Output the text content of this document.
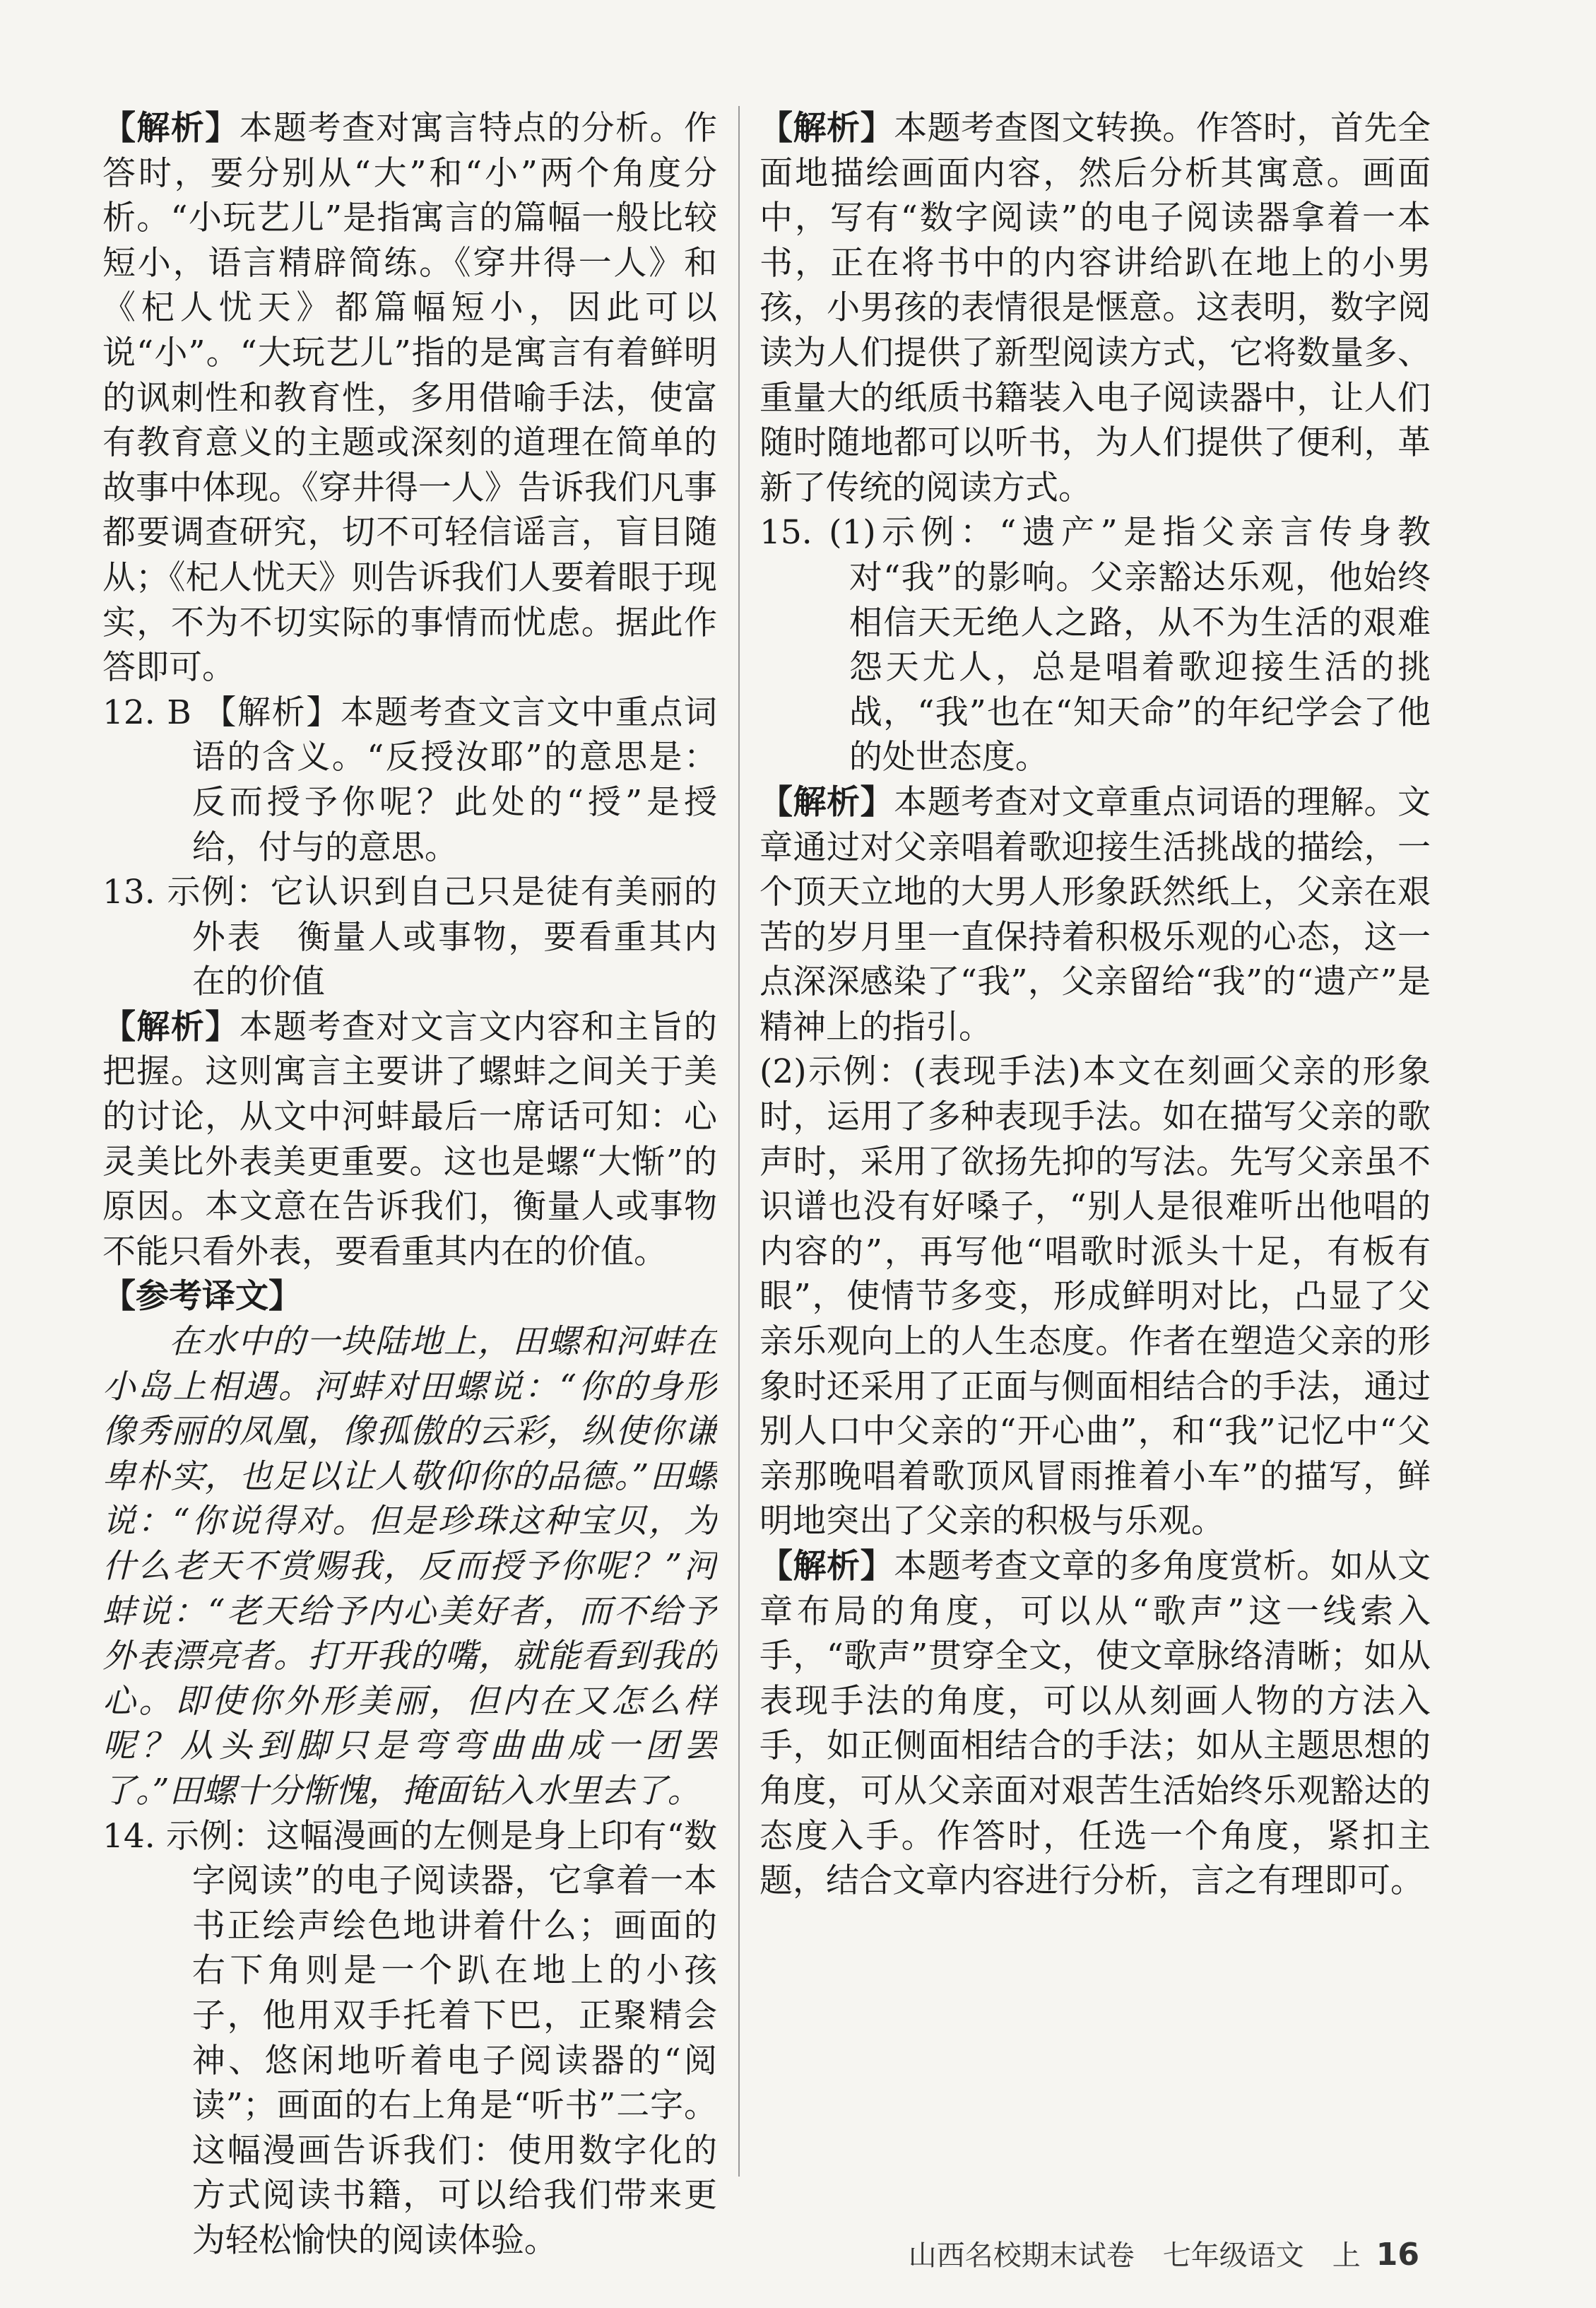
【解析】本题考查对寓言特点的分析。作答时，要分别从“大”和“小”两个角度分析。“小玩艺儿”是指寓言的篇幅一般比较短小，语言精辟简练。《穿井得一人》和《杞人忧天》都篇幅短小，因此可以说“小”。“大玩艺儿”指的是寓言有着鲜明的讽刺性和教育性，多用借喻手法，使富有教育意义的主题或深刻的道理在简单的故事中体现。《穿井得一人》告诉我们凡事都要调查研究，切不可轻信谣言，盲目随从；《杞人忧天》则告诉我们人要着眼于现实，不为不切实际的事情而忧虑。据此作答即可。

12. B 【解析】本题考查文言文中重点词语的含义。“反授汝耶”的意思是：反而授予你呢？此处的“授”是授给，付与的意思。

13. 示例：它认识到自己只是徒有美丽的外表　衡量人或事物，要看重其内在的价值

【解析】本题考查对文言文内容和主旨的把握。这则寓言主要讲了螺蚌之间关于美的讨论，从文中河蚌最后一席话可知：心灵美比外表美更重要。这也是螺“大惭”的原因。本文意在告诉我们，衡量人或事物不能只看外表，要看重其内在的价值。

【参考译文】

在水中的一块陆地上，田螺和河蚌在小岛上相遇。河蚌对田螺说：“你的身形像秀丽的凤凰，像孤傲的云彩，纵使你谦卑朴实，也足以让人敬仰你的品德。”田螺说：“你说得对。但是珍珠这种宝贝，为什么老天不赏赐我，反而授予你呢？”河蚌说：“老天给予内心美好者，而不给予外表漂亮者。打开我的嘴，就能看到我的心。即使你外形美丽，但内在又怎么样呢？从头到脚只是弯弯曲曲成一团罢了。”田螺十分惭愧，掩面钻入水里去了。

14. 示例：这幅漫画的左侧是身上印有“数字阅读”的电子阅读器，它拿着一本书正绘声绘色地讲着什么；画面的右下角则是一个趴在地上的小孩子，他用双手托着下巴，正聚精会神、悠闲地听着电子阅读器的“阅读”；画面的右上角是“听书”二字。这幅漫画告诉我们：使用数字化的方式阅读书籍，可以给我们带来更为轻松愉快的阅读体验。

【解析】本题考查图文转换。作答时，首先全面地描绘画面内容，然后分析其寓意。画面中，写有“数字阅读”的电子阅读器拿着一本书，正在将书中的内容讲给趴在地上的小男孩，小男孩的表情很是惬意。这表明，数字阅读为人们提供了新型阅读方式，它将数量多、重量大的纸质书籍装入电子阅读器中，让人们随时随地都可以听书，为人们提供了便利，革新了传统的阅读方式。

15. (1)示例：“遗产”是指父亲言传身教对“我”的影响。父亲豁达乐观，他始终相信天无绝人之路，从不为生活的艰难怨天尤人，总是唱着歌迎接生活的挑战，“我”也在“知天命”的年纪学会了他的处世态度。

【解析】本题考查对文章重点词语的理解。文章通过对父亲唱着歌迎接生活挑战的描绘，一个顶天立地的大男人形象跃然纸上，父亲在艰苦的岁月里一直保持着积极乐观的心态，这一点深深感染了“我”，父亲留给“我”的“遗产”是精神上的指引。

(2)示例：(表现手法)本文在刻画父亲的形象时，运用了多种表现手法。如在描写父亲的歌声时，采用了欲扬先抑的写法。先写父亲虽不识谱也没有好嗓子，“别人是很难听出他唱的内容的”，再写他“唱歌时派头十足，有板有眼”，使情节多变，形成鲜明对比，凸显了父亲乐观向上的人生态度。作者在塑造父亲的形象时还采用了正面与侧面相结合的手法，通过别人口中父亲的“开心曲”，和“我”记忆中“父亲那晚唱着歌顶风冒雨推着小车”的描写，鲜明地突出了父亲的积极与乐观。

【解析】本题考查文章的多角度赏析。如从文章布局的角度，可以从“歌声”这一线索入手，“歌声”贯穿全文，使文章脉络清晰；如从表现手法的角度，可以从刻画人物的方法入手，如正侧面相结合的手法；如从主题思想的角度，可从父亲面对艰苦生活始终乐观豁达的态度入手。作答时，任选一个角度，紧扣主题，结合文章内容进行分析，言之有理即可。

山西名校期末试卷　七年级语文　上 16
